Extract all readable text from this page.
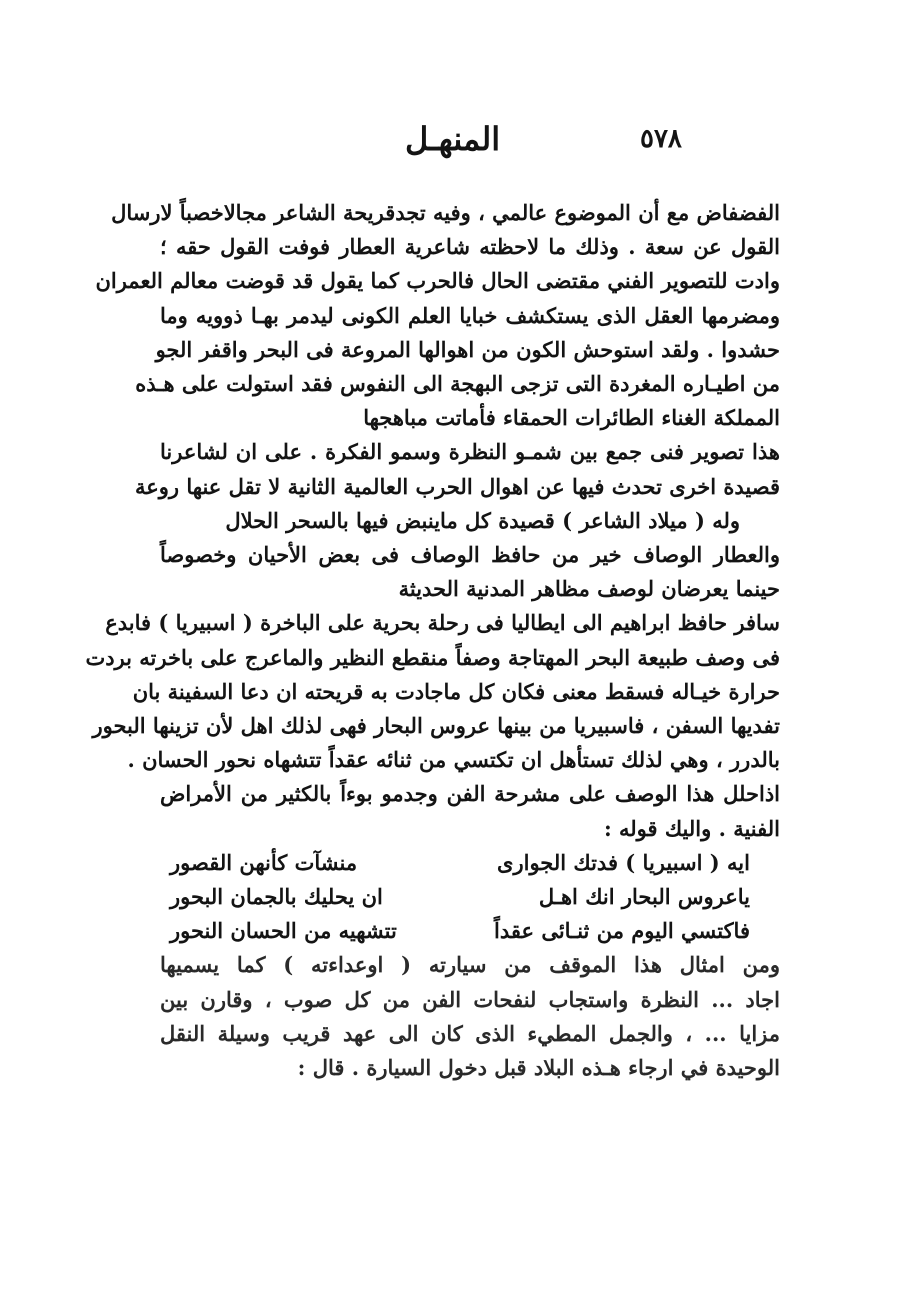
٥٧٨
المنهـل
الفضفاض مع أن الموضوع عالمي ، وفيه تجدقريحة الشاعر مجالاخصباً لارسال
القول عن سعة . وذلك ما لاحظته شاعرية العطار فوفت القول حقه ؛
وادت للتصوير الفني مقتضى الحال فالحرب كما يقول قد قوضت معالم العمران
ومضرمها العقل الذى يستكشف خبايا العلم الكونى ليدمر بهـا ذوويه وما
حشدوا . ولقد استوحش الكون من اهوالها المروعة فى البحر واقفر الجو
من اطيـاره المغردة التى تزجى البهجة الى النفوس فقد استولت على هـذه
المملكة الغناء الطائرات الحمقاء فأماتت مباهجها
هذا تصوير فنى جمع بين شمـو النظرة وسمو الفكرة . على ان لشاعرنا
قصيدة اخرى تحدث فيها عن اهوال الحرب العالمية الثانية لا تقل عنها روعة
وله ( ميلاد الشاعر ) قصيدة كل ماينبض فيها بالسحر الحلال
والعطار الوصاف خير من حافظ الوصاف فى بعض الأحيان وخصوصاً
حينما يعرضان لوصف مظاهر المدنية الحديثة
سافر حافظ ابراهيم الى ايطاليا فى رحلة بحرية على الباخرة ( اسبيريا ) فابدع
فى وصف طبيعة البحر المهتاجة وصفاً منقطع النظير والماعرج على باخرته بردت
حرارة خيـاله فسقط معنى فكان كل ماجادت به قريحته ان دعا السفينة بان
تفديها السفن ، فاسبيريا من بينها عروس البحار فهى لذلك اهل لأن تزينها البحور
بالدرر ، وهي لذلك تستأهل ان تكتسي من ثنائه عقداً تتشهاه نحور الحسان .
اذاحلل هذا الوصف على مشرحة الفن وجدمو بوءاً بالكثير من الأمراض
الفنية . واليك قوله :
ايه ( اسبيريا ) فدتك الجوارى
منشآت كأنهن القصور
ياعروس البحار انك اهـل
ان يحليك بالجمان البحور
فاكتسي اليوم من ثنـائى عقداً
تتشهيه من الحسان النحور
ومن امثال هذا الموقف من سيارته ( اوعداءته ) كما يسميها
اجاد ... النظرة واستجاب لنفحات الفن من كل صوب ، وقارن بين
مزايا ... ، والجمل المطيء الذى كان الى عهد قريب وسيلة النقل
الوحيدة في ارجاء هـذه البلاد قبل دخول السيارة . قال :
